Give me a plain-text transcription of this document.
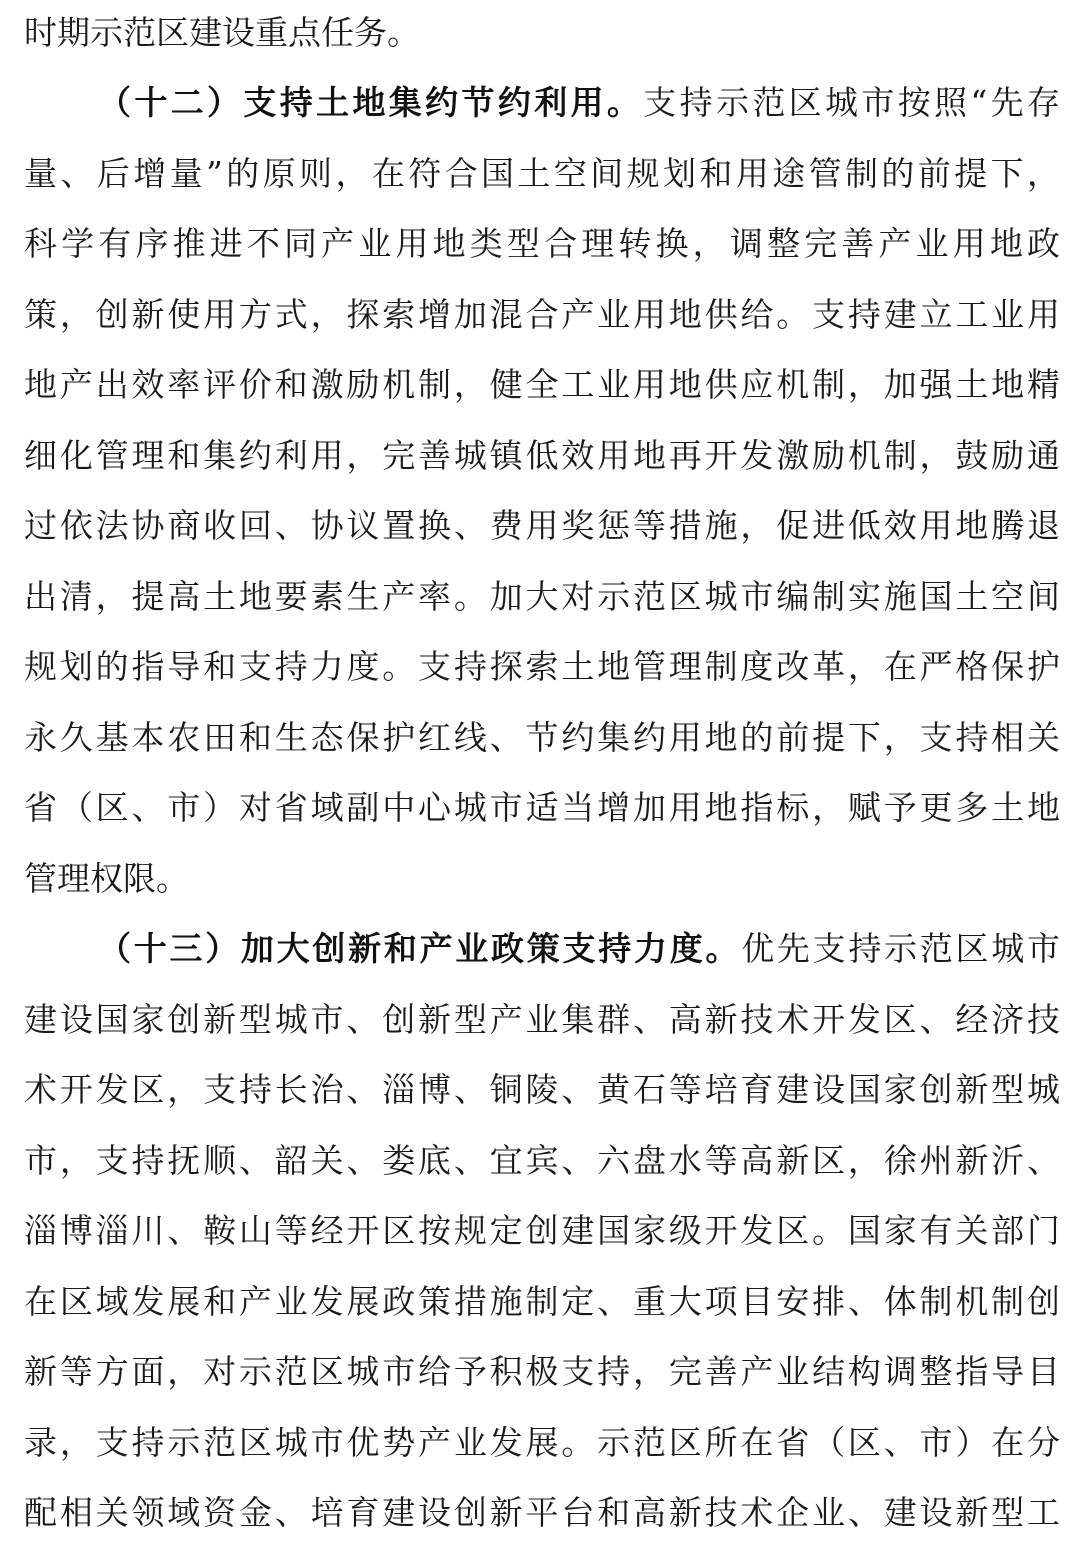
时期示范区建设重点任务。
（十二）支持土地集约节约利用。支持示范区城市按照“先存
量、后增量”的原则，在符合国土空间规划和用途管制的前提下，
科学有序推进不同产业用地类型合理转换，调整完善产业用地政
策，创新使用方式，探索增加混合产业用地供给。支持建立工业用
地产出效率评价和激励机制，健全工业用地供应机制，加强土地精
细化管理和集约利用，完善城镇低效用地再开发激励机制，鼓励通
过依法协商收回、协议置换、费用奖惩等措施，促进低效用地腾退
出清，提高土地要素生产率。加大对示范区城市编制实施国土空间
规划的指导和支持力度。支持探索土地管理制度改革，在严格保护
永久基本农田和生态保护红线、节约集约用地的前提下，支持相关
省（区、市）对省域副中心城市适当增加用地指标，赋予更多土地
管理权限。
（十三）加大创新和产业政策支持力度。优先支持示范区城市
建设国家创新型城市、创新型产业集群、高新技术开发区、经济技
术开发区，支持长治、淄博、铜陵、黄石等培育建设国家创新型城
市，支持抚顺、韶关、娄底、宜宾、六盘水等高新区，徐州新沂、
淄博淄川、鞍山等经开区按规定创建国家级开发区。国家有关部门
在区域发展和产业发展政策措施制定、重大项目安排、体制机制创
新等方面，对示范区城市给予积极支持，完善产业结构调整指导目
录，支持示范区城市优势产业发展。示范区所在省（区、市）在分
配相关领域资金、培育建设创新平台和高新技术企业、建设新型工
